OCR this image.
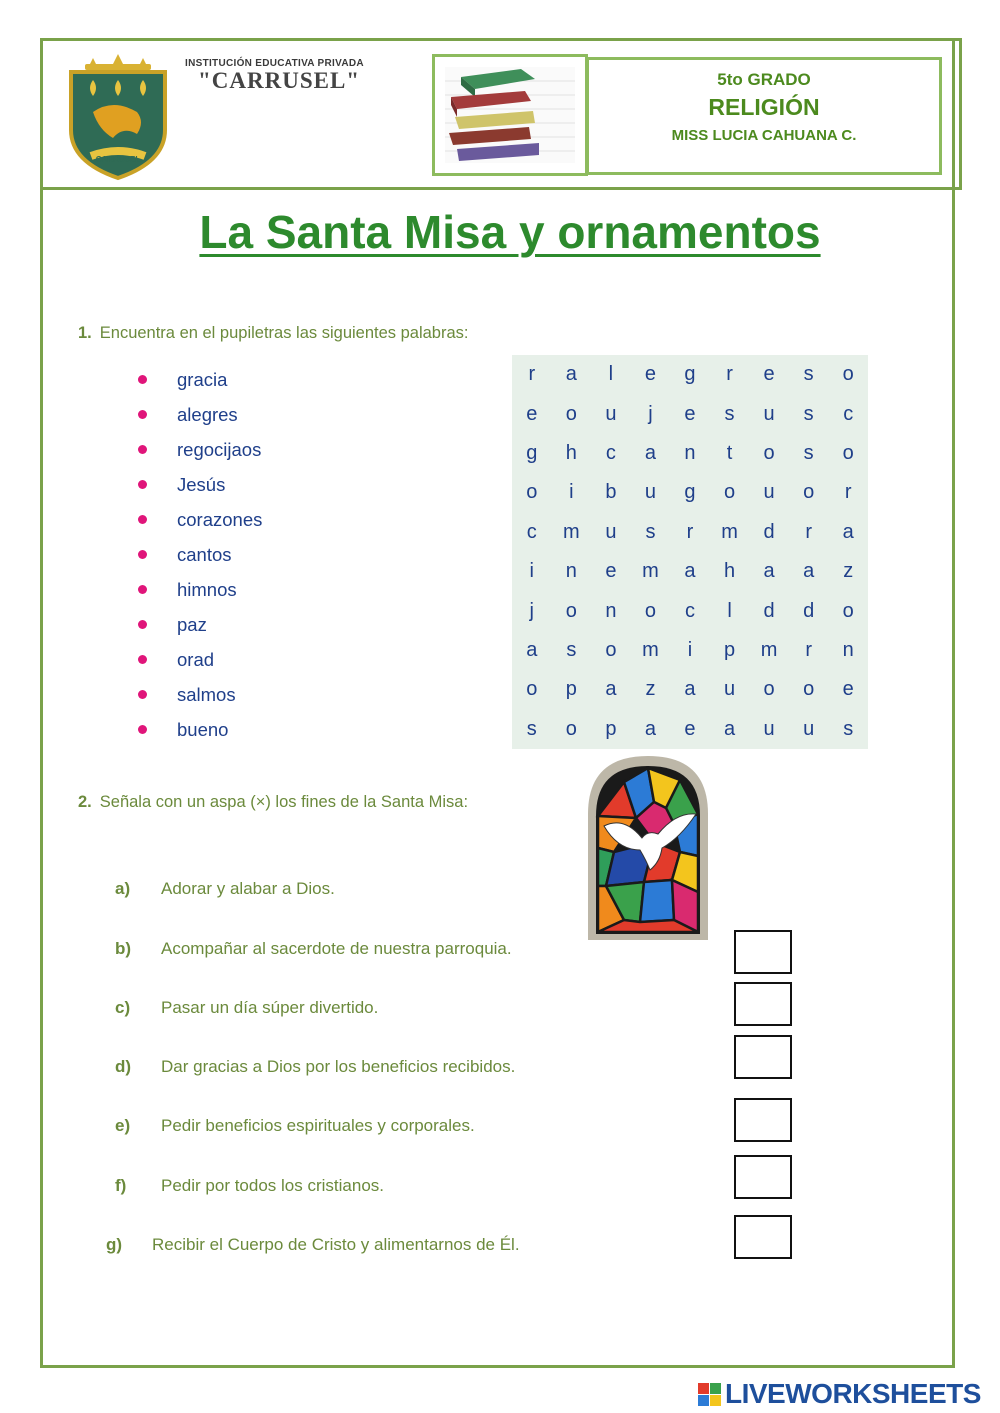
CARRUSEL
INSTITUCIÓN EDUCATIVA PRIVADA
"CARRUSEL"	5to GRADO
RELIGIÓN
MISS LUCIA CAHUANA C.
La Santa Misa y ornamentos
1. Encuentra en el pupiletras las siguientes palabras:
gracia
alegres
regocijaos
Jesús
corazones
cantos
himnos
paz
orad
salmos
bueno
r	a	l	e	g	r	e	s	o
e	o	u	j	e	s	u	s	c
g	h	c	a	n	t	o	s	o
o	i	b	u	g	o	u	o	r
c	m	u	s	r	m	d	r	a
i	n	e	m	a	h	a	a	z
j	o	n	o	c	l	d	d	o
a	s	o	m	i	p	m	r	n
o	p	a	z	a	u	o	o	e
s	o	p	a	e	a	u	u	s
2. Señala con un aspa (×) los fines de la Santa Misa:
a) Adorar y alabar a Dios.
b) Acompañar al sacerdote de nuestra parroquia.
c) Pasar un día súper divertido.
d) Dar gracias a Dios por los beneficios recibidos.
e) Pedir beneficios espirituales y corporales.
f) Pedir por todos los cristianos.
g) Recibir el Cuerpo de Cristo y alimentarnos de Él.
LIVEWORKSHEETS
